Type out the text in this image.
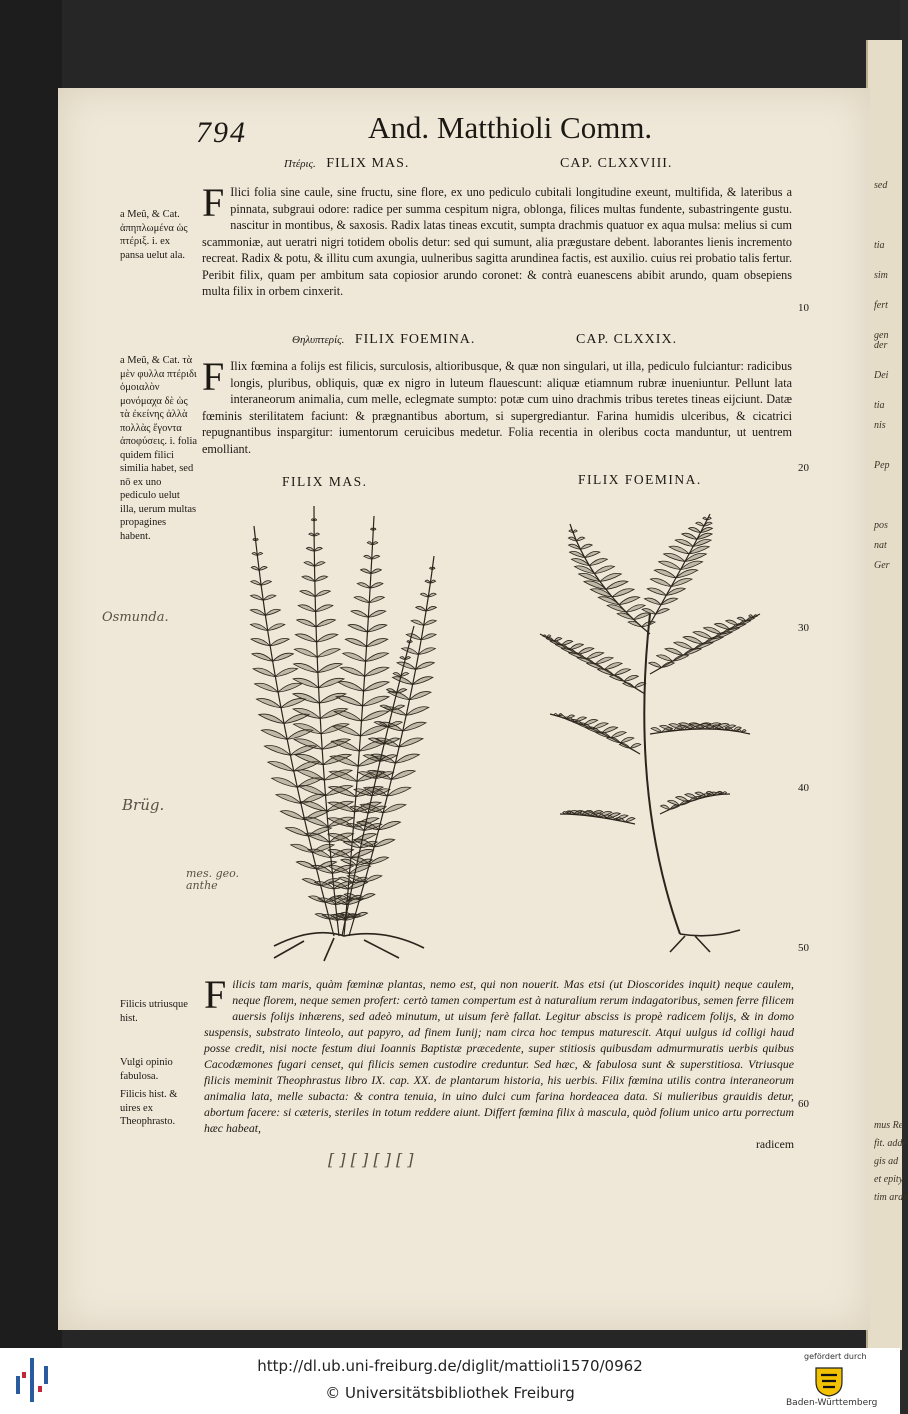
sed
tia
sim
fert
gen
Dei
Pep
pos
nat
Ger
der
tia
nis
mus Re
fit. adde
gis ad
et epity
tim aran
794	And. Matthioli Comm.
Πτέρις. FILIX MAS.	CAP. CLXXVIII.
F Ilici folia sine caule, sine fructu, sine flore, ex uno pediculo cubitali longitudine exeunt, multifida, & lateribus a pinnata, subgraui odore: radice per summa cespitum nigra, oblonga, filices multas fundente, subastringente gustu. nascitur in montibus, & saxosis. Radix latas tineas excutit, sumpta drachmis quatuor ex aqua mulsa: melius si cum scammoniæ, aut ueratri nigri totidem obolis detur: sed qui sumunt, alia prægustare debent. laborantes lienis incremento recreat. Radix & potu, & illitu cum axungia, uulneribus sagitta arundinea factis, est auxilio. cuius rei probatio talis fertur. Peribit filix, quam per ambitum sata copiosior arundo coronet: & contrà euanescens abibit arundo, quam obsepiens multa filix in orbem cinxerit.
Θηλυπτερίς. FILIX FOEMINA.	CAP. CLXXIX.
F Ilix fœmina a folijs est filicis, surculosis, altioribusque, & quæ non singulari, ut illa, pediculo fulciantur: radicibus longis, pluribus, obliquis, quæ ex nigro in luteum flauescunt: aliquæ etiamnum rubræ inueniuntur. Pellunt lata interaneorum animalia, cum melle, eclegmate sumpto: potæ cum uino drachmis tribus teretes tineas eijciunt. Datæ fœminis sterilitatem faciunt: & prægnantibus abortum, si supergrediantur. Farina humidis ulceribus, & cicatrici repugnantibus inspargitur: iumentorum ceruicibus medetur. Folia recentia in oleribus cocta manduntur, ut uentrem emolliant.
a Meû, & Cat. ἀπηπλωμένα ὡς πτέριξ. i. ex pansa uelut ala.
a Meû, & Cat. τὰ μὲν φυλλα πτέριδι ὁμοιαλὸν μονόμαχα δὲ ὡς τὰ ἐκείνης ἀλλὰ πολλὰς ἔγοντα ἀποφύσεις. i. folia quidem filici similia habet, sed nō ex uno pediculo uelut illa, uerum multas propagines habent.
Filicis utriusque hist.
Vulgi opinio fabulosa.
Filicis hist. & uires ex Theophrasto.
10
20
30
40
50
60
FILIX MAS.	FILIX FOEMINA.
Filicis tam maris, quàm fœminæ plantas, nemo est, qui non nouerit. Mas etsi (ut Dioscorides inquit) neque caulem, neque florem, neque semen profert: certò tamen compertum est à naturalium rerum indagatoribus, semen ferre filicem auersis folijs inhærens, sed adeò minutum, ut uisum ferè fallat. Legitur absciss is propè radicem folijs, & in domo suspensis, substrato linteolo, aut papyro, ad finem Iunij; nam circa hoc tempus maturescit. Atqui uulgus id colligi haud posse credit, nisi nocte festum diui Ioannis Baptistæ præcedente, super stitiosis quibusdam admurmuratis uerbis quibus Cacodæmones fugari censet, qui filicis semen custodire creduntur. Sed hæc, & fabulosa sunt & superstitiosa. Vtriusque filicis meminit Theophrastus libro IX. cap. XX. de plantarum historia, his uerbis. Filix fœmina utilis contra interaneorum animalia lata, melle subacta: & contra tenuia, in uino dulci cum farina hordeacea data. Si mulieribus grauidis detur, abortum facere: si cæteris, steriles in totum reddere aiunt. Differt fœmina filix à mascula, quòd folium unico artu porrectum hæc habeat,
radicem
Osmunda.
Brüg.
mes. geo. anthe
[ ] [ ] [ ] [ ]
http://dl.ub.uni-freiburg.de/diglit/mattioli1570/0962
© Universitätsbibliothek Freiburg
gefördert durch
Baden-Württemberg
